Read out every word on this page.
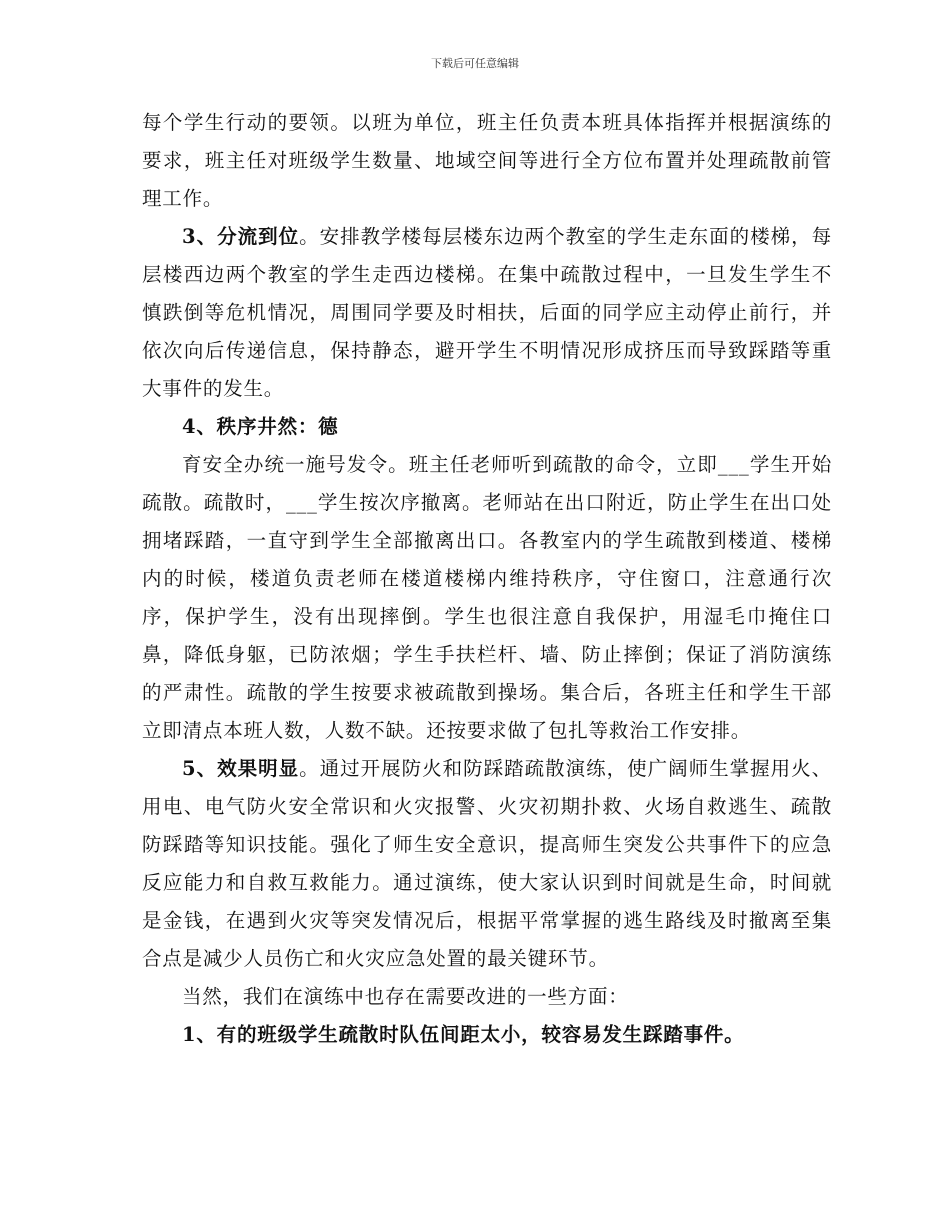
下载后可任意编辑

每个学生行动的要领。以班为单位，班主任负责本班具体指挥并根据演练的要求，班主任对班级学生数量、地域空间等进行全方位布置并处理疏散前管理工作。

3、分流到位。安排教学楼每层楼东边两个教室的学生走东面的楼梯，每层楼西边两个教室的学生走西边楼梯。在集中疏散过程中，一旦发生学生不慎跌倒等危机情况，周围同学要及时相扶，后面的同学应主动停止前行，并依次向后传递信息，保持静态，避开学生不明情况形成挤压而导致踩踏等重大事件的发生。

4、秩序井然：德

育安全办统一施号发令。班主任老师听到疏散的命令，立即___学生开始疏散。疏散时，___学生按次序撤离。老师站在出口附近，防止学生在出口处拥堵踩踏，一直守到学生全部撤离出口。各教室内的学生疏散到楼道、楼梯内的时候，楼道负责老师在楼道楼梯内维持秩序，守住窗口，注意通行次序，保护学生，没有出现摔倒。学生也很注意自我保护，用湿毛巾掩住口鼻，降低身躯，已防浓烟；学生手扶栏杆、墙、防止摔倒；保证了消防演练的严肃性。疏散的学生按要求被疏散到操场。集合后，各班主任和学生干部立即清点本班人数，人数不缺。还按要求做了包扎等救治工作安排。

5、效果明显。通过开展防火和防踩踏疏散演练，使广阔师生掌握用火、用电、电气防火安全常识和火灾报警、火灾初期扑救、火场自救逃生、疏散防踩踏等知识技能。强化了师生安全意识，提高师生突发公共事件下的应急反应能力和自救互救能力。通过演练，使大家认识到时间就是生命，时间就是金钱，在遇到火灾等突发情况后，根据平常掌握的逃生路线及时撤离至集合点是减少人员伤亡和火灾应急处置的最关键环节。

当然，我们在演练中也存在需要改进的一些方面：

1、有的班级学生疏散时队伍间距太小，较容易发生踩踏事件。
